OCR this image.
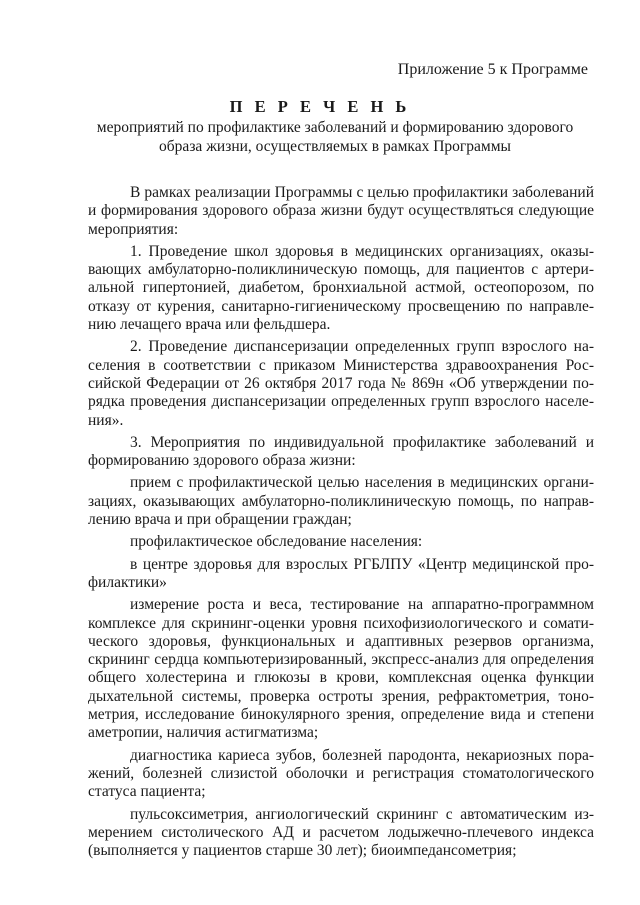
Приложение 5 к Программе
П Е Р Е Ч Е Н Ь
мероприятий по профилактике заболеваний и формированию здорового образа жизни, осуществляемых в рамках Программы

В рамках реализации Программы с целью профилактики заболеваний и формирования здорового образа жизни будут осуществляться следующие мероприятия:

1. Проведение школ здоровья в медицинских организациях, оказывающих амбулаторно-поликлиническую помощь, для пациентов с артериальной гипертонией, диабетом, бронхиальной астмой, остеопорозом, по отказу от курения, санитарно-гигиеническому просвещению по направлению лечащего врача или фельдшера.

2. Проведение диспансеризации определенных групп взрослого населения в соответствии с приказом Министерства здравоохранения Российской Федерации от 26 октября 2017 года № 869н «Об утверждении порядка проведения диспансеризации определенных групп взрослого населения».

3. Мероприятия по индивидуальной профилактике заболеваний и формированию здорового образа жизни:

прием с профилактической целью населения в медицинских организациях, оказывающих амбулаторно-поликлиническую помощь, по направлению врача и при обращении граждан;

профилактическое обследование населения:

в центре здоровья для взрослых РГБЛПУ «Центр медицинской профилактики»

измерение роста и веса, тестирование на аппаратно-программном комплексе для скрининг-оценки уровня психофизиологического и соматического здоровья, функциональных и адаптивных резервов организма, скрининг сердца компьютеризированный, экспресс-анализ для определения общего холестерина и глюкозы в крови, комплексная оценка функции дыхательной системы, проверка остроты зрения, рефрактометрия, тонометрия, исследование бинокулярного зрения, определение вида и степени аметропии, наличия астигматизма;

диагностика кариеса зубов, болезней пародонта, некариозных поражений, болезней слизистой оболочки и регистрация стоматологического статуса пациента;

пульсоксиметрия, ангиологический скрининг с автоматическим измерением систолического АД и расчетом лодыжечно-плечевого индекса (выполняется у пациентов старше 30 лет); биоимпедансометрия;
